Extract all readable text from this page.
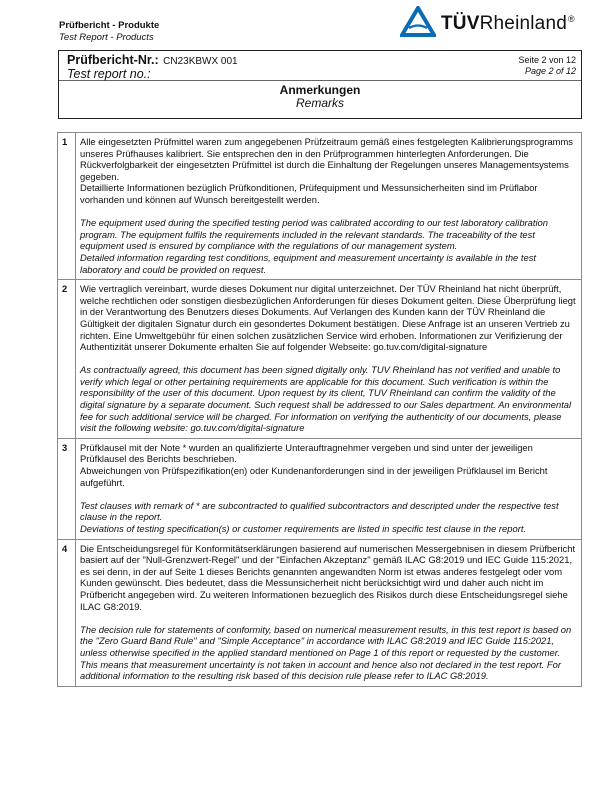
Prüfbericht - Produkte
Test Report - Products
TÜVRheinland®
Prüfbericht-Nr.: CN23KBWX 001
Test report no.:
Seite 2 von 12
Page 2 of 12
Anmerkungen
Remarks
1	Alle eingesetzten Prüfmittel waren zum angegebenen Prüfzeitraum gemäß eines festgelegten Kalibrierungsprogramms unseres Prüfhauses kalibriert. Sie entsprechen den in den Prüfprogrammen hinterlegten Anforderungen. Die Rückverfolgbarkeit der eingesetzten Prüfmittel ist durch die Einhaltung der Regelungen unseres Managementsystems gegeben.
Detaillierte Informationen bezüglich Prüfkonditionen, Prüfequipment und Messunsicherheiten sind im Prüflabor vorhanden und können auf Wunsch bereitgestellt werden.
The equipment used during the specified testing period was calibrated according to our test laboratory calibration program. The equipment fulfils the requirements included in the relevant standards. The traceability of the test equipment used is ensured by compliance with the regulations of our management system.
Detailed information regarding test conditions, equipment and measurement uncertainty is available in the test laboratory and could be provided on request.

2	Wie vertraglich vereinbart, wurde dieses Dokument nur digital unterzeichnet. Der TÜV Rheinland hat nicht überprüft, welche rechtlichen oder sonstigen diesbezüglichen Anforderungen für dieses Dokument gelten. Diese Überprüfung liegt in der Verantwortung des Benutzers dieses Dokuments. Auf Verlangen des Kunden kann der TÜV Rheinland die Gültigkeit der digitalen Signatur durch ein gesondertes Dokument bestätigen. Diese Anfrage ist an unseren Vertrieb zu richten. Eine Umweltgebühr für einen solchen zusätzlichen Service wird erhoben. Informationen zur Verifizierung der Authentizität unserer Dokumente erhalten Sie auf folgender Webseite: go.tuv.com/digital-signature
As contractually agreed, this document has been signed digitally only. TUV Rheinland has not verified and unable to verify which legal or other pertaining requirements are applicable for this document. Such verification is within the responsibility of the user of this document. Upon request by its client, TUV Rheinland can confirm the validity of the digital signature by a separate document. Such request shall be addressed to our Sales department. An environmental fee for such additional service will be charged. For information on verifying the authenticity of our documents, please visit the following website: go.tuv.com/digital-signature

3	Prüfklausel mit der Note * wurden an qualifizierte Unterauftragnehmer vergeben und sind unter der jeweiligen Prüfklausel des Berichts beschrieben.
Abweichungen von Prüfspezifikation(en) oder Kundenanforderungen sind in der jeweiligen Prüfklausel im Bericht aufgeführt.
Test clauses with remark of * are subcontracted to qualified subcontractors and descripted under the respective test clause in the report.
Deviations of testing specification(s) or customer requirements are listed in specific test clause in the report.

4	Die Entscheidungsregel für Konformitätserklärungen basierend auf numerischen Messergebnisen in diesem Prüfbericht basiert auf der "Null-Grenzwert-Regel" und der "Einfachen Akzeptanz" gemäß ILAC G8:2019 und IEC Guide 115:2021, es sei denn, in der auf Seite 1 dieses Berichts genannten angewandten Norm ist etwas anderes festgelegt oder vom Kunden gewünscht. Dies bedeutet, dass die Messunsicherheit nicht berücksichtigt wird und daher auch nicht im Prüfbericht angegeben wird. Zu weiteren Informationen bezueglich des Risikos durch diese Entscheidungsregel siehe ILAC G8:2019.
The decision rule for statements of conformity, based on numerical measurement results, in this test report is based on the "Zero Guard Band Rule" and "Simple Acceptance" in accordance with ILAC G8:2019 and IEC Guide 115:2021, unless otherwise specified in the applied standard mentioned on Page 1 of this report or requested by the customer. This means that measurement uncertainty is not taken in account and hence also not declared in the test report. For additional information to the resulting risk based of this decision rule please refer to ILAC G8:2019.
